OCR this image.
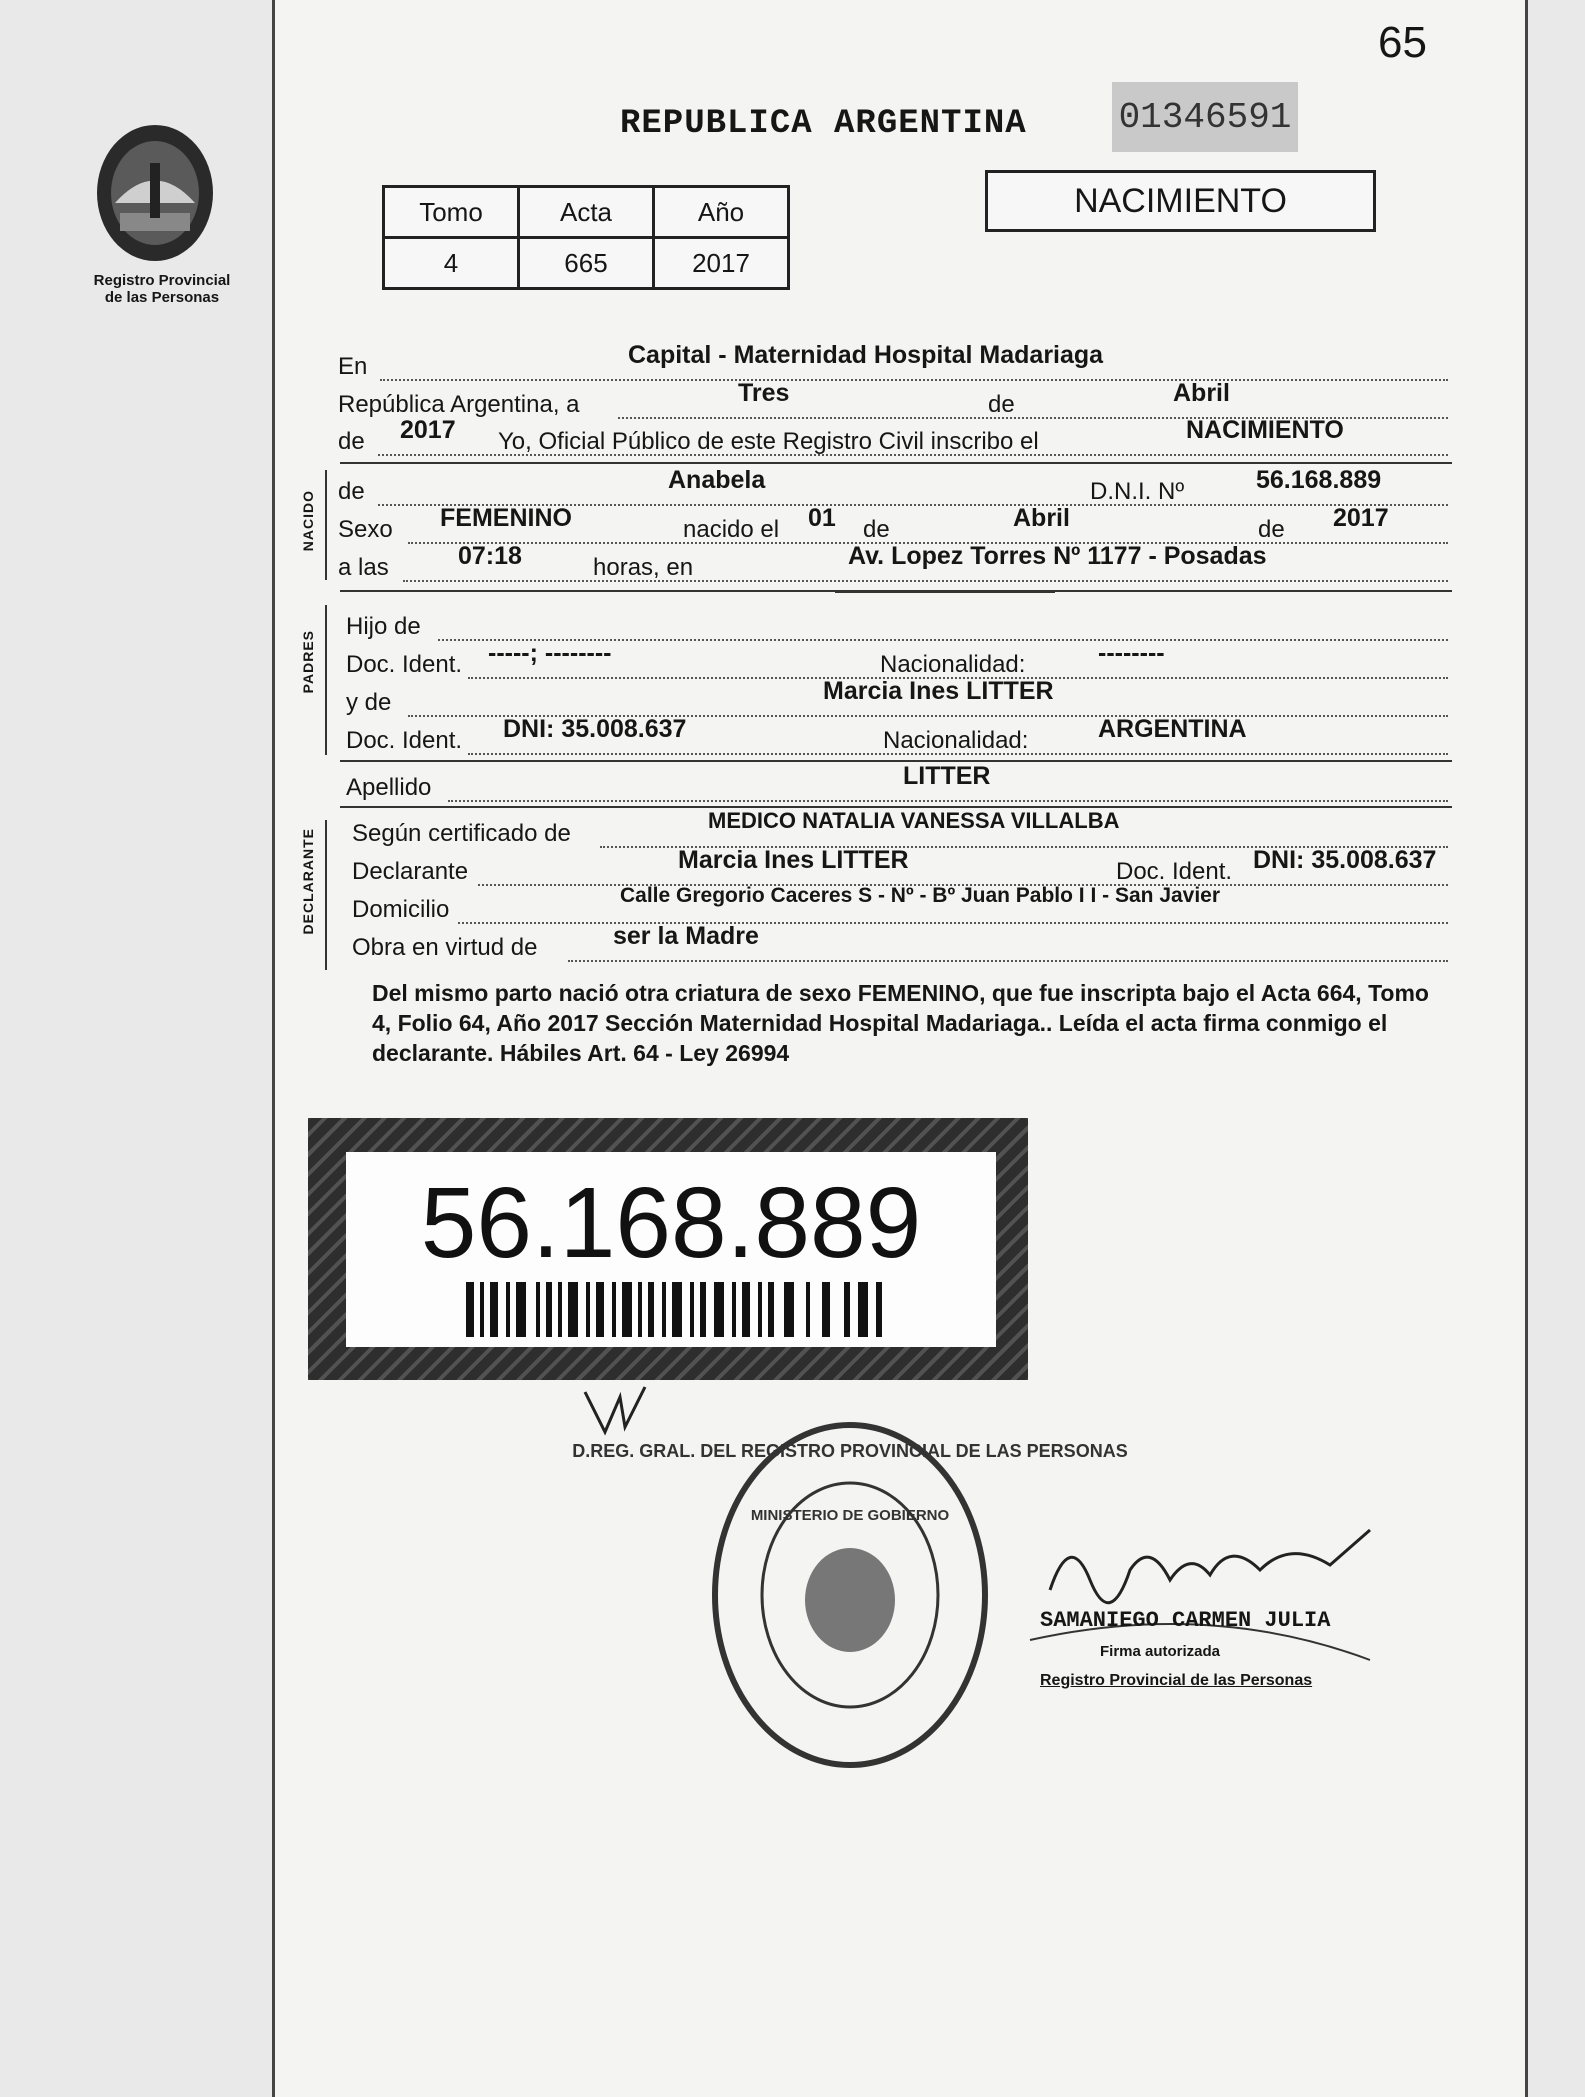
65
Registro Provincial
de las Personas
REPUBLICA ARGENTINA	01346591
Tomo	Acta	Año
4	665	2017
NACIMIENTO
En	Capital - Maternidad Hospital Madariaga
República Argentina, a	Tres	de	Abril
de 2017 Yo, Oficial Público de este Registro Civil inscribo el	NACIMIENTO
NACIDO de	Anabela	D.N.I. Nº	56.168.889
Sexo FEMENINO	nacido el 01 de	Abril	de 2017
a las	07:18	horas, en	Av. Lopez Torres Nº 1177 - Posadas
PADRES
Hijo de
Doc. Ident. -----; --------	Nacionalidad:	--------
y de	Marcia Ines LITTER
Doc. Ident. DNI: 35.008.637	Nacionalidad:	ARGENTINA
Apellido	LITTER
DECLARANTE Según certificado de	MEDICO NATALIA VANESSA VILLALBA
Declarante	Marcia Ines LITTER	Doc. Ident. DNI: 35.008.637
Domicilio
Calle Gregorio Caceres S - Nº - Bº Juan Pablo I I - San Javier
Obra en virtud de	ser la Madre
Del mismo parto nació otra criatura de sexo FEMENINO, que fue inscripta bajo el Acta 664, Tomo 4, Folio 64, Año 2017 Sección Maternidad Hospital Madariaga.. Leída el acta firma conmigo el declarante. Hábiles Art. 64 - Ley 26994
56.168.889
D.REG. GRAL. DEL REGISTRO PROVINCIAL DE LAS PERSONAS
MINISTERIO DE GOBIERNO
SAMANIEGO CARMEN JULIA
Firma autorizada
Registro Provincial de las Personas
